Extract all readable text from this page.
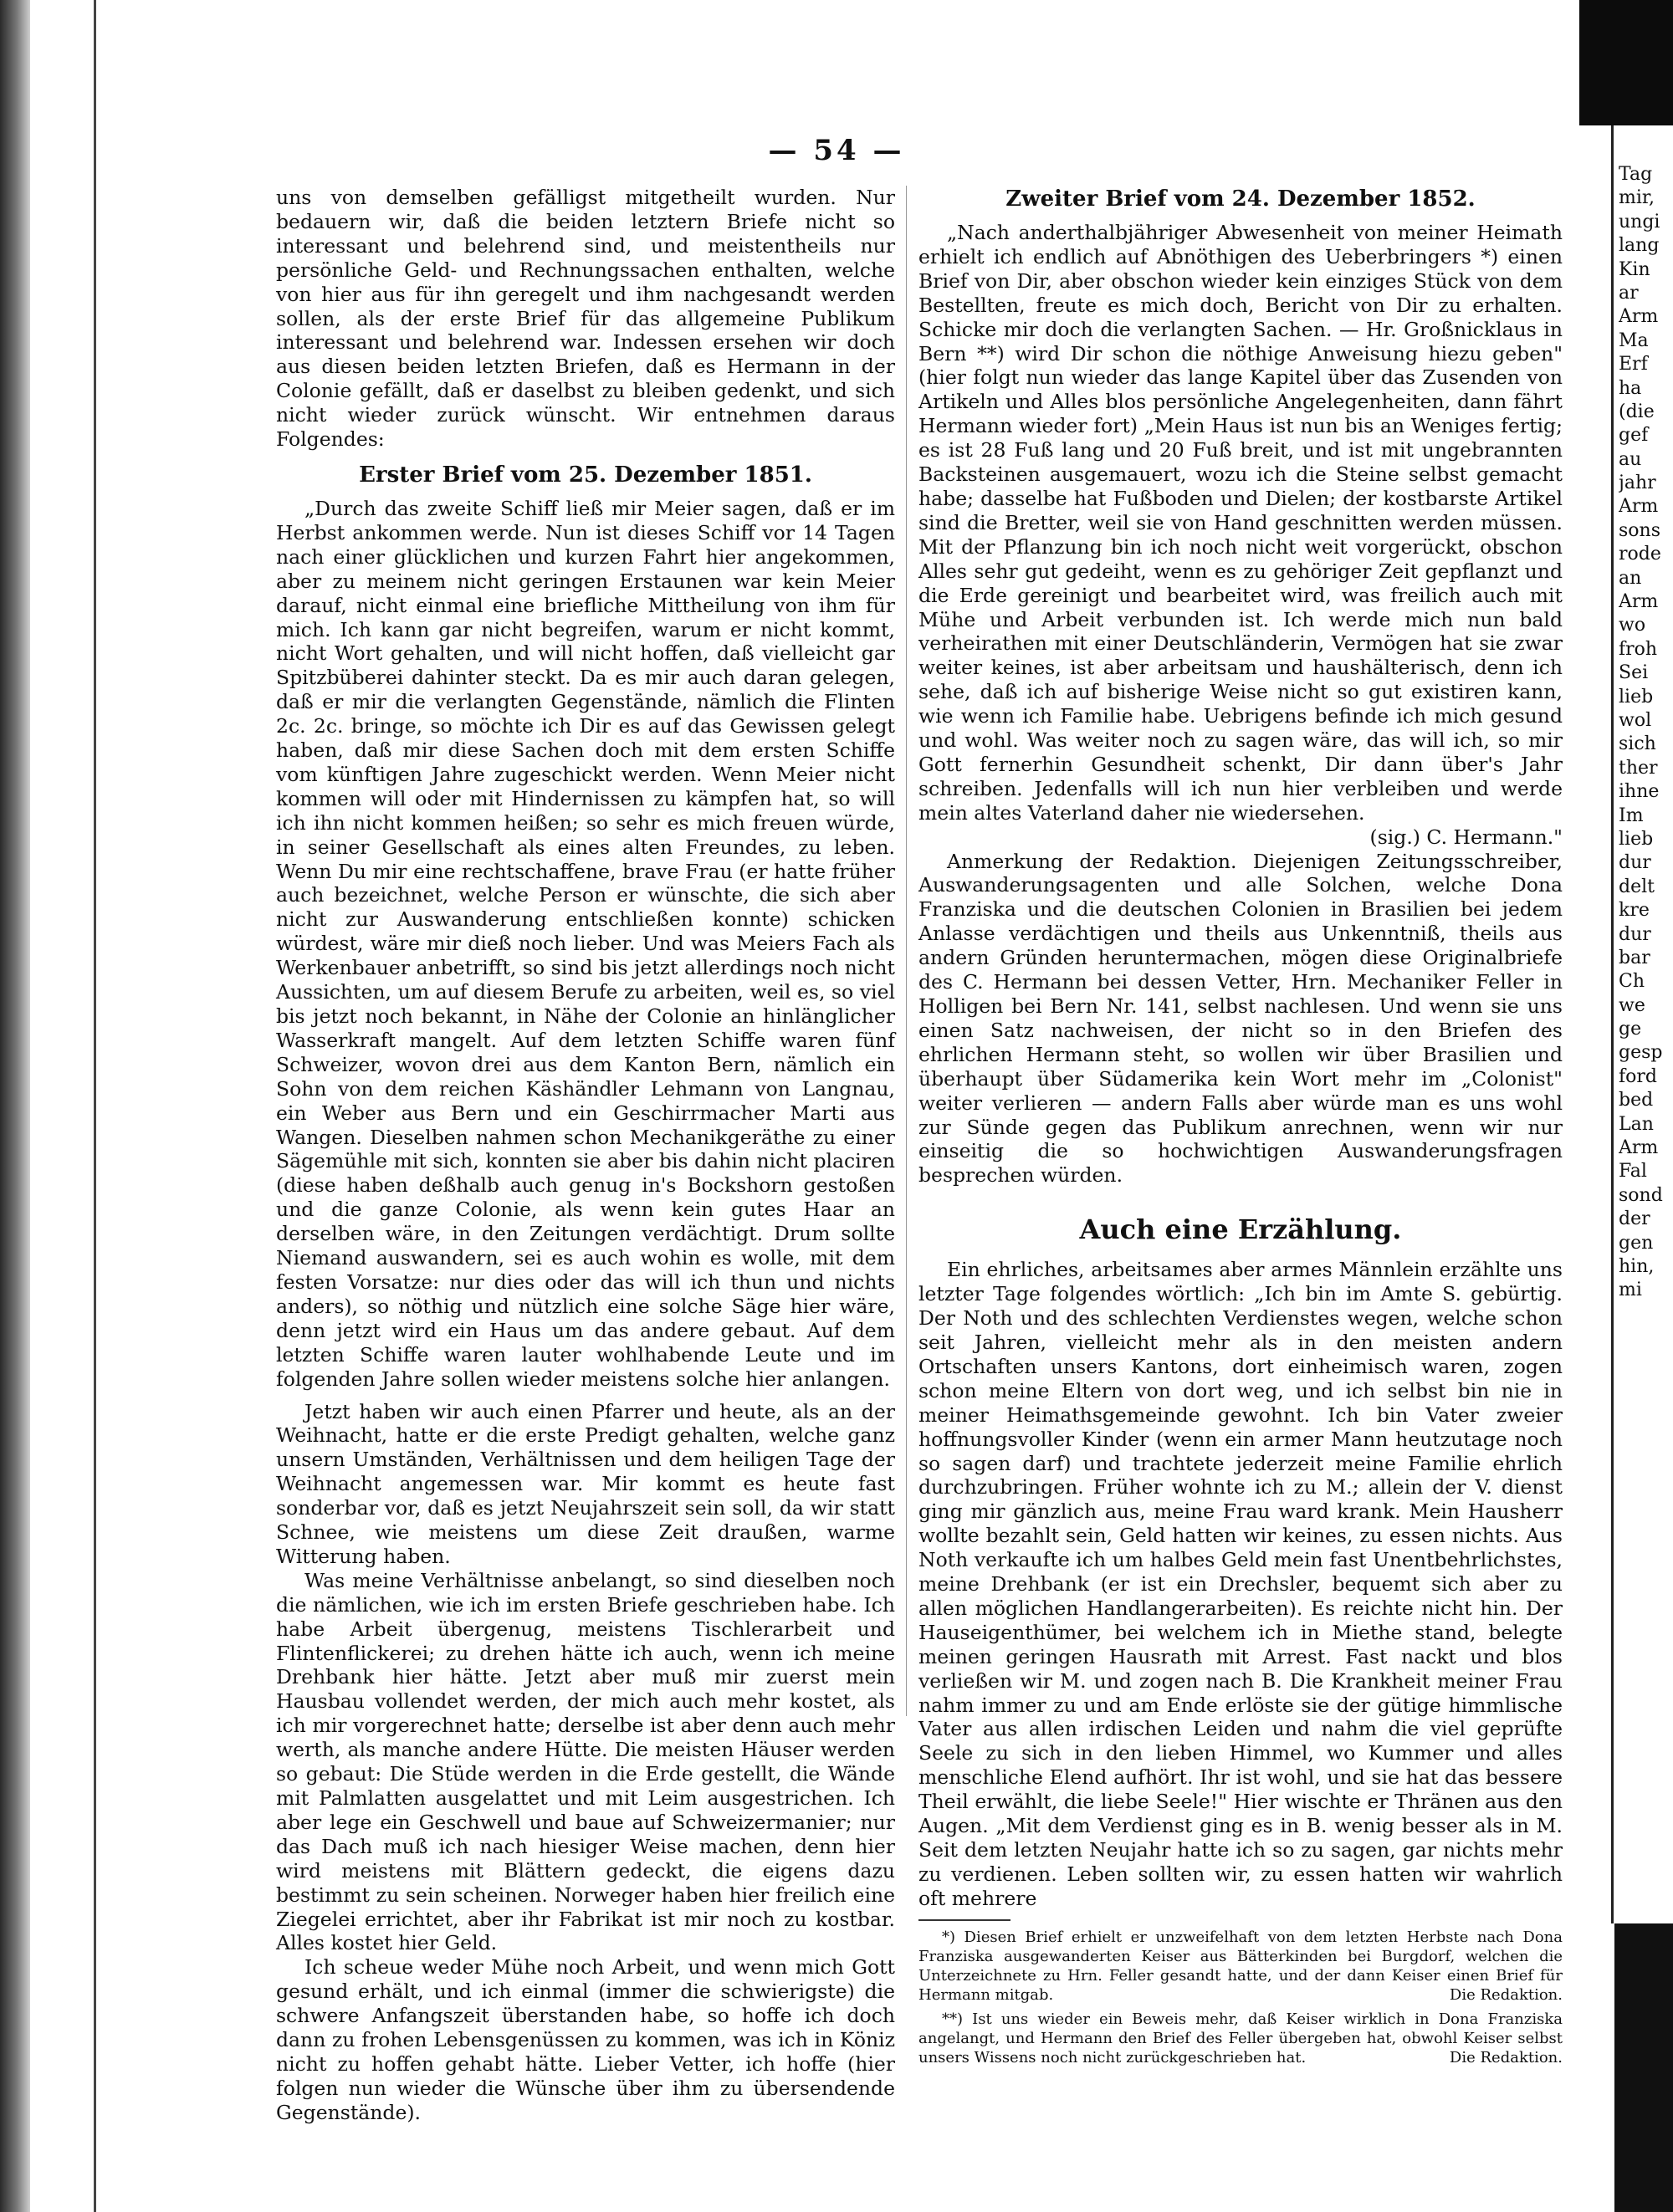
— 54 —

uns von demselben gefälligst mitgetheilt wurden. Nur bedauern wir, daß die beiden letztern Briefe nicht so interessant und belehrend sind, und meistentheils nur persönliche Geld- und Rechnungssachen enthalten, welche von hier aus für ihn geregelt und ihm nachgesandt werden sollen, als der erste Brief für das allgemeine Publikum interessant und belehrend war. Indessen ersehen wir doch aus diesen beiden letzten Briefen, daß es Hermann in der Colonie gefällt, daß er daselbst zu bleiben gedenkt, und sich nicht wieder zurück wünscht. Wir entnehmen daraus Folgendes:

Erster Brief vom 25. Dezember 1851.

„Durch das zweite Schiff ließ mir Meier sagen, daß er im Herbst ankommen werde. Nun ist dieses Schiff vor 14 Tagen nach einer glücklichen und kurzen Fahrt hier angekommen, aber zu meinem nicht geringen Erstaunen war kein Meier darauf, nicht einmal eine briefliche Mittheilung von ihm für mich. Ich kann gar nicht begreifen, warum er nicht kommt, nicht Wort gehalten, und will nicht hoffen, daß vielleicht gar Spitzbüberei dahinter steckt. Da es mir auch daran gelegen, daß er mir die verlangten Gegenstände, nämlich die Flinten 2c. 2c. bringe, so möchte ich Dir es auf das Gewissen gelegt haben, daß mir diese Sachen doch mit dem ersten Schiffe vom künftigen Jahre zugeschickt werden. Wenn Meier nicht kommen will oder mit Hindernissen zu kämpfen hat, so will ich ihn nicht kommen heißen; so sehr es mich freuen würde, in seiner Gesellschaft als eines alten Freundes, zu leben. Wenn Du mir eine rechtschaffene, brave Frau (er hatte früher auch bezeichnet, welche Person er wünschte, die sich aber nicht zur Auswanderung entschließen konnte) schicken würdest, wäre mir dieß noch lieber. Und was Meiers Fach als Werkenbauer anbetrifft, so sind bis jetzt allerdings noch nicht Aussichten, um auf diesem Berufe zu arbeiten, weil es, so viel bis jetzt noch bekannt, in Nähe der Colonie an hinlänglicher Wasserkraft mangelt. Auf dem letzten Schiffe waren fünf Schweizer, wovon drei aus dem Kanton Bern, nämlich ein Sohn von dem reichen Käshändler Lehmann von Langnau, ein Weber aus Bern und ein Geschirrmacher Marti aus Wangen. Dieselben nahmen schon Mechanikgeräthe zu einer Sägemühle mit sich, konnten sie aber bis dahin nicht placiren (diese haben deßhalb auch genug in's Bockshorn gestoßen und die ganze Colonie, als wenn kein gutes Haar an derselben wäre, in den Zeitungen verdächtigt. Drum sollte Niemand auswandern, sei es auch wohin es wolle, mit dem festen Vorsatze: nur dies oder das will ich thun und nichts anders), so nöthig und nützlich eine solche Säge hier wäre, denn jetzt wird ein Haus um das andere gebaut. Auf dem letzten Schiffe waren lauter wohlhabende Leute und im folgenden Jahre sollen wieder meistens solche hier anlangen.

Jetzt haben wir auch einen Pfarrer und heute, als an der Weihnacht, hatte er die erste Predigt gehalten, welche ganz unsern Umständen, Verhältnissen und dem heiligen Tage der Weihnacht angemessen war. Mir kommt es heute fast sonderbar vor, daß es jetzt Neujahrszeit sein soll, da wir statt Schnee, wie meistens um diese Zeit draußen, warme Witterung haben.

Was meine Verhältnisse anbelangt, so sind dieselben noch die nämlichen, wie ich im ersten Briefe geschrieben habe. Ich habe Arbeit übergenug, meistens Tischlerarbeit und Flintenflickerei; zu drehen hätte ich auch, wenn ich meine Drehbank hier hätte. Jetzt aber muß mir zuerst mein Hausbau vollendet werden, der mich auch mehr kostet, als ich mir vorgerechnet hatte; derselbe ist aber denn auch mehr werth, als manche andere Hütte. Die meisten Häuser werden so gebaut: Die Stüde werden in die Erde gestellt, die Wände mit Palmlatten ausgelattet und mit Leim ausgestrichen. Ich aber lege ein Geschwell und baue auf Schweizermanier; nur das Dach muß ich nach hiesiger Weise machen, denn hier wird meistens mit Blättern gedeckt, die eigens dazu bestimmt zu sein scheinen. Norweger haben hier freilich eine Ziegelei errichtet, aber ihr Fabrikat ist mir noch zu kostbar. Alles kostet hier Geld.

Ich scheue weder Mühe noch Arbeit, und wenn mich Gott gesund erhält, und ich einmal (immer die schwierigste) die schwere Anfangszeit überstanden habe, so hoffe ich doch dann zu frohen Lebensgenüssen zu kommen, was ich in Köniz nicht zu hoffen gehabt hätte. Lieber Vetter, ich hoffe (hier folgen nun wieder die Wünsche über ihm zu übersendende Gegenstände).

Zweiter Brief vom 24. Dezember 1852.

„Nach anderthalbjähriger Abwesenheit von meiner Heimath erhielt ich endlich auf Abnöthigen des Ueberbringers *) einen Brief von Dir, aber obschon wieder kein einziges Stück von dem Bestellten, freute es mich doch, Bericht von Dir zu erhalten. Schicke mir doch die verlangten Sachen. — Hr. Großnicklaus in Bern **) wird Dir schon die nöthige Anweisung hiezu geben" (hier folgt nun wieder das lange Kapitel über das Zusenden von Artikeln und Alles blos persönliche Angelegenheiten, dann fährt Hermann wieder fort) „Mein Haus ist nun bis an Weniges fertig; es ist 28 Fuß lang und 20 Fuß breit, und ist mit ungebrannten Backsteinen ausgemauert, wozu ich die Steine selbst gemacht habe; dasselbe hat Fußboden und Dielen; der kostbarste Artikel sind die Bretter, weil sie von Hand geschnitten werden müssen. Mit der Pflanzung bin ich noch nicht weit vorgerückt, obschon Alles sehr gut gedeiht, wenn es zu gehöriger Zeit gepflanzt und die Erde gereinigt und bearbeitet wird, was freilich auch mit Mühe und Arbeit verbunden ist. Ich werde mich nun bald verheirathen mit einer Deutschländerin, Vermögen hat sie zwar weiter keines, ist aber arbeitsam und haushälterisch, denn ich sehe, daß ich auf bisherige Weise nicht so gut existiren kann, wie wenn ich Familie habe. Uebrigens befinde ich mich gesund und wohl. Was weiter noch zu sagen wäre, das will ich, so mir Gott fernerhin Gesundheit schenkt, Dir dann über's Jahr schreiben. Jedenfalls will ich nun hier verbleiben und werde mein altes Vaterland daher nie wiedersehen.

(sig.) C. Hermann."

Anmerkung der Redaktion. Diejenigen Zeitungsschreiber, Auswanderungsagenten und alle Solchen, welche Dona Franziska und die deutschen Colonien in Brasilien bei jedem Anlasse verdächtigen und theils aus Unkenntniß, theils aus andern Gründen heruntermachen, mögen diese Originalbriefe des C. Hermann bei dessen Vetter, Hrn. Mechaniker Feller in Holligen bei Bern Nr. 141, selbst nachlesen. Und wenn sie uns einen Satz nachweisen, der nicht so in den Briefen des ehrlichen Hermann steht, so wollen wir über Brasilien und überhaupt über Südamerika kein Wort mehr im „Colonist" weiter verlieren — andern Falls aber würde man es uns wohl zur Sünde gegen das Publikum anrechnen, wenn wir nur einseitig die so hochwichtigen Auswanderungsfragen besprechen würden.

Auch eine Erzählung.

Ein ehrliches, arbeitsames aber armes Männlein erzählte uns letzter Tage folgendes wörtlich: „Ich bin im Amte S. gebürtig. Der Noth und des schlechten Verdienstes wegen, welche schon seit Jahren, vielleicht mehr als in den meisten andern Ortschaften unsers Kantons, dort einheimisch waren, zogen schon meine Eltern von dort weg, und ich selbst bin nie in meiner Heimathsgemeinde gewohnt. Ich bin Vater zweier hoffnungsvoller Kinder (wenn ein armer Mann heutzutage noch so sagen darf) und trachtete jederzeit meine Familie ehrlich durchzubringen. Früher wohnte ich zu M.; allein der V. dienst ging mir gänzlich aus, meine Frau ward krank. Mein Hausherr wollte bezahlt sein, Geld hatten wir keines, zu essen nichts. Aus Noth verkaufte ich um halbes Geld mein fast Unentbehrlichstes, meine Drehbank (er ist ein Drechsler, bequemt sich aber zu allen möglichen Handlangerarbeiten). Es reichte nicht hin. Der Hauseigenthümer, bei welchem ich in Miethe stand, belegte meinen geringen Hausrath mit Arrest. Fast nackt und blos verließen wir M. und zogen nach B. Die Krankheit meiner Frau nahm immer zu und am Ende erlöste sie der gütige himmlische Vater aus allen irdischen Leiden und nahm die viel geprüfte Seele zu sich in den lieben Himmel, wo Kummer und alles menschliche Elend aufhört. Ihr ist wohl, und sie hat das bessere Theil erwählt, die liebe Seele!" Hier wischte er Thränen aus den Augen. „Mit dem Verdienst ging es in B. wenig besser als in M. Seit dem letzten Neujahr hatte ich so zu sagen, gar nichts mehr zu verdienen. Leben sollten wir, zu essen hatten wir wahrlich oft mehrere

*) Diesen Brief erhielt er unzweifelhaft von dem letzten Herbste nach Dona Franziska ausgewanderten Keiser aus Bätterkinden bei Burgdorf, welchen die Unterzeichnete zu Hrn. Feller gesandt hatte, und der dann Keiser einen Brief für Hermann mitgab.	Die Redaktion.

**) Ist uns wieder ein Beweis mehr, daß Keiser wirklich in Dona Franziska angelangt, und Hermann den Brief des Feller übergeben hat, obwohl Keiser selbst unsers Wissens noch nicht zurückgeschrieben hat.	Die Redaktion.

Tag
mir,
ungi
lang
Kin
ar
Arm
Ma
Erf
ha
(die
gef
au
jahr
Arm
sons
rode
an
Arm
wo
froh
Sei
lieb
wol
sich
ther
ihne
Im
lieb
dur
delt
kre
dur
bar
Ch
we
ge
gesp
ford
bed
Lan
Arm
Fal
sond
der
gen
hin,
mi
